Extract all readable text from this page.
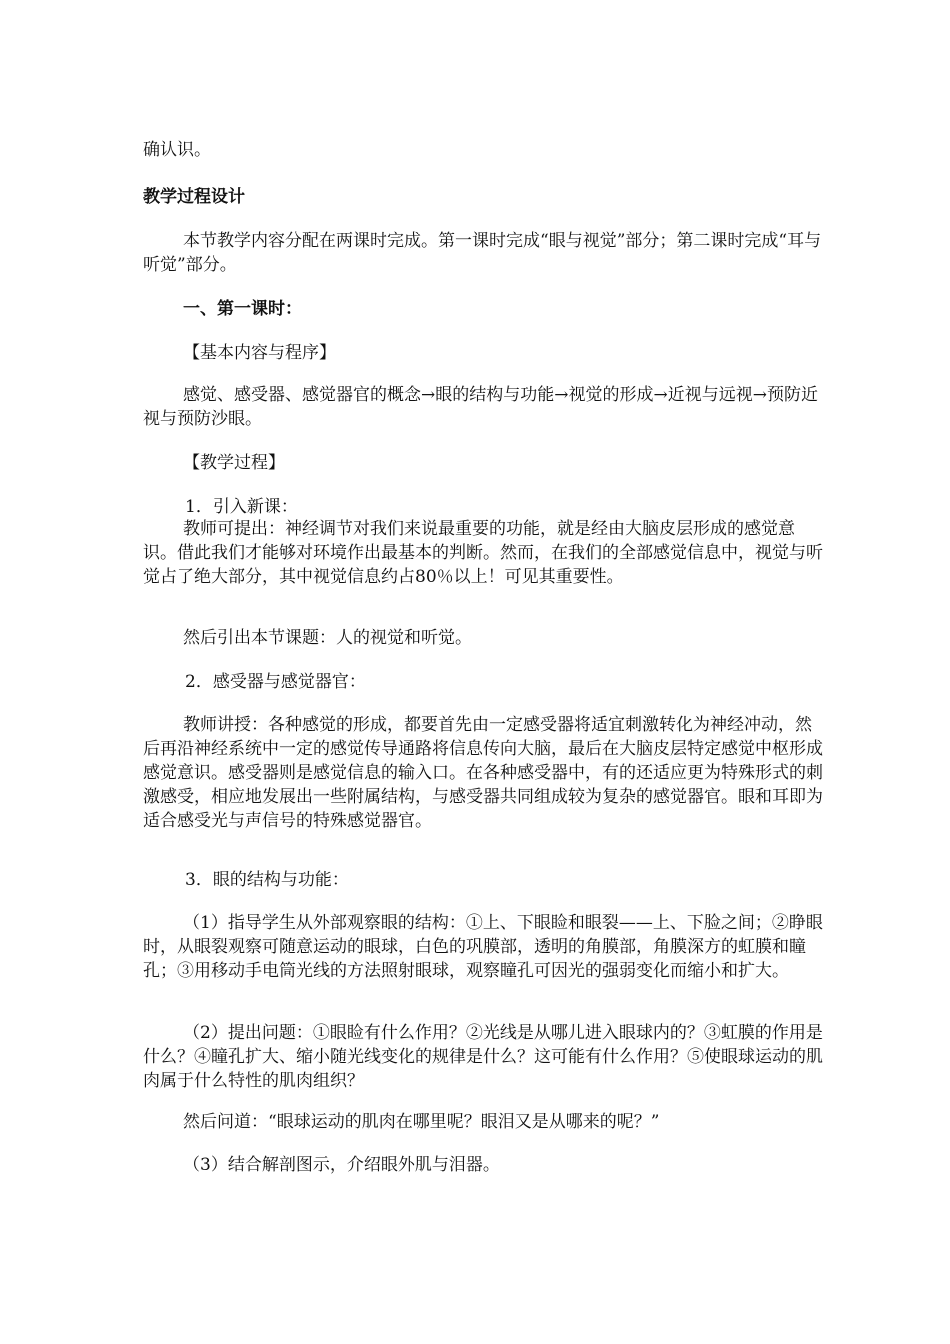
确认识。

教学过程设计

本节教学内容分配在两课时完成。第一课时完成“眼与视觉”部分；第二课时完成“耳与听觉”部分。

一、第一课时：

【基本内容与程序】

感觉、感受器、感觉器官的概念→眼的结构与功能→视觉的形成→近视与远视→预防近视与预防沙眼。

【教学过程】

1．引入新课：

教师可提出：神经调节对我们来说最重要的功能，就是经由大脑皮层形成的感觉意识。借此我们才能够对环境作出最基本的判断。然而，在我们的全部感觉信息中，视觉与听觉占了绝大部分，其中视觉信息约占80％以上！可见其重要性。

然后引出本节课题：人的视觉和听觉。

2．感受器与感觉器官：

教师讲授：各种感觉的形成，都要首先由一定感受器将适宜刺激转化为神经冲动，然后再沿神经系统中一定的感觉传导通路将信息传向大脑，最后在大脑皮层特定感觉中枢形成感觉意识。感受器则是感觉信息的输入口。在各种感受器中，有的还适应更为特殊形式的刺激感受，相应地发展出一些附属结构，与感受器共同组成较为复杂的感觉器官。眼和耳即为适合感受光与声信号的特殊感觉器官。

3．眼的结构与功能：

（1）指导学生从外部观察眼的结构：①上、下眼睑和眼裂——上、下脸之间；②睁眼时，从眼裂观察可随意运动的眼球，白色的巩膜部，透明的角膜部，角膜深方的虹膜和瞳孔；③用移动手电筒光线的方法照射眼球，观察瞳孔可因光的强弱变化而缩小和扩大。

（2）提出问题：①眼睑有什么作用？②光线是从哪儿进入眼球内的？③虹膜的作用是什么？④瞳孔扩大、缩小随光线变化的规律是什么？这可能有什么作用？⑤使眼球运动的肌肉属于什么特性的肌肉组织？

然后问道：“眼球运动的肌肉在哪里呢？眼泪又是从哪来的呢？”

（3）结合解剖图示，介绍眼外肌与泪器。
